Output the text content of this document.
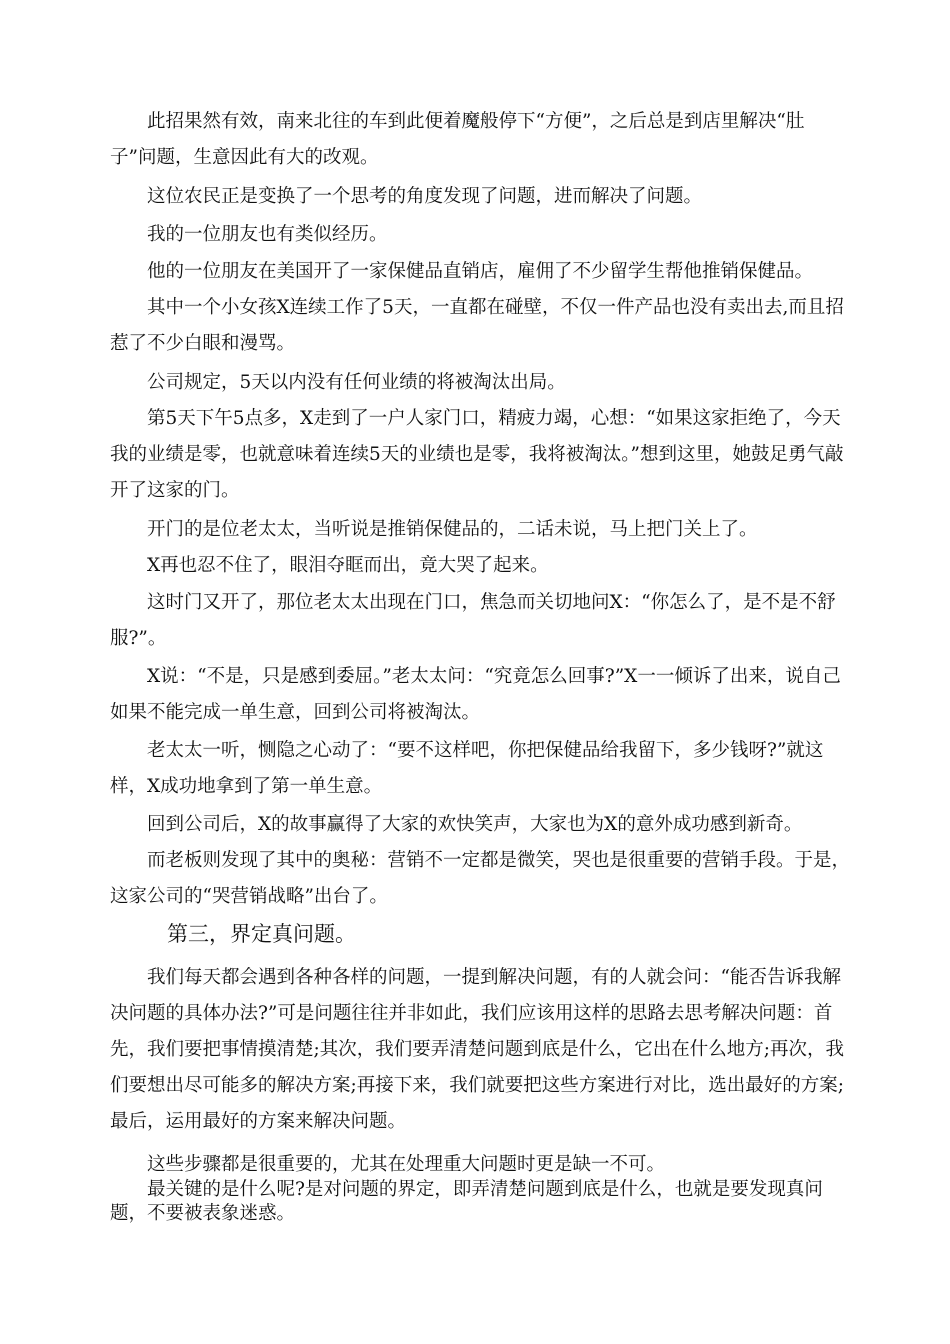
此招果然有效，南来北往的车到此便着魔般停下“方便”，之后总是到店里解决“肚子”问题，生意因此有大的改观。

这位农民正是变换了一个思考的角度发现了问题，进而解决了问题。

我的一位朋友也有类似经历。

他的一位朋友在美国开了一家保健品直销店，雇佣了不少留学生帮他推销保健品。

其中一个小女孩X连续工作了5天，一直都在碰壁，不仅一件产品也没有卖出去,而且招惹了不少白眼和漫骂。

公司规定，5天以内没有任何业绩的将被淘汰出局。

第5天下午5点多，X走到了一户人家门口，精疲力竭，心想：“如果这家拒绝了，今天我的业绩是零，也就意味着连续5天的业绩也是零，我将被淘汰。”想到这里，她鼓足勇气敲开了这家的门。

开门的是位老太太，当听说是推销保健品的，二话未说，马上把门关上了。

X再也忍不住了，眼泪夺眶而出，竟大哭了起来。

这时门又开了，那位老太太出现在门口，焦急而关切地问X：“你怎么了，是不是不舒服?”。

X说：“不是，只是感到委屈。”老太太问：“究竟怎么回事?”X一一倾诉了出来，说自己如果不能完成一单生意，回到公司将被淘汰。

老太太一听，恻隐之心动了：“要不这样吧，你把保健品给我留下，多少钱呀?”就这样，X成功地拿到了第一单生意。

回到公司后，X的故事赢得了大家的欢快笑声，大家也为X的意外成功感到新奇。

而老板则发现了其中的奥秘：营销不一定都是微笑，哭也是很重要的营销手段。于是，这家公司的“哭营销战略”出台了。

第三，界定真问题。

我们每天都会遇到各种各样的问题，一提到解决问题，有的人就会问：“能否告诉我解决问题的具体办法?”可是问题往往并非如此，我们应该用这样的思路去思考解决问题：首先，我们要把事情摸清楚;其次，我们要弄清楚问题到底是什么，它出在什么地方;再次，我们要想出尽可能多的解决方案;再接下来，我们就要把这些方案进行对比，选出最好的方案;最后，运用最好的方案来解决问题。

这些步骤都是很重要的，尤其在处理重大问题时更是缺一不可。

最关键的是什么呢?是对问题的界定，即弄清楚问题到底是什么，也就是要发现真问题，不要被表象迷惑。
